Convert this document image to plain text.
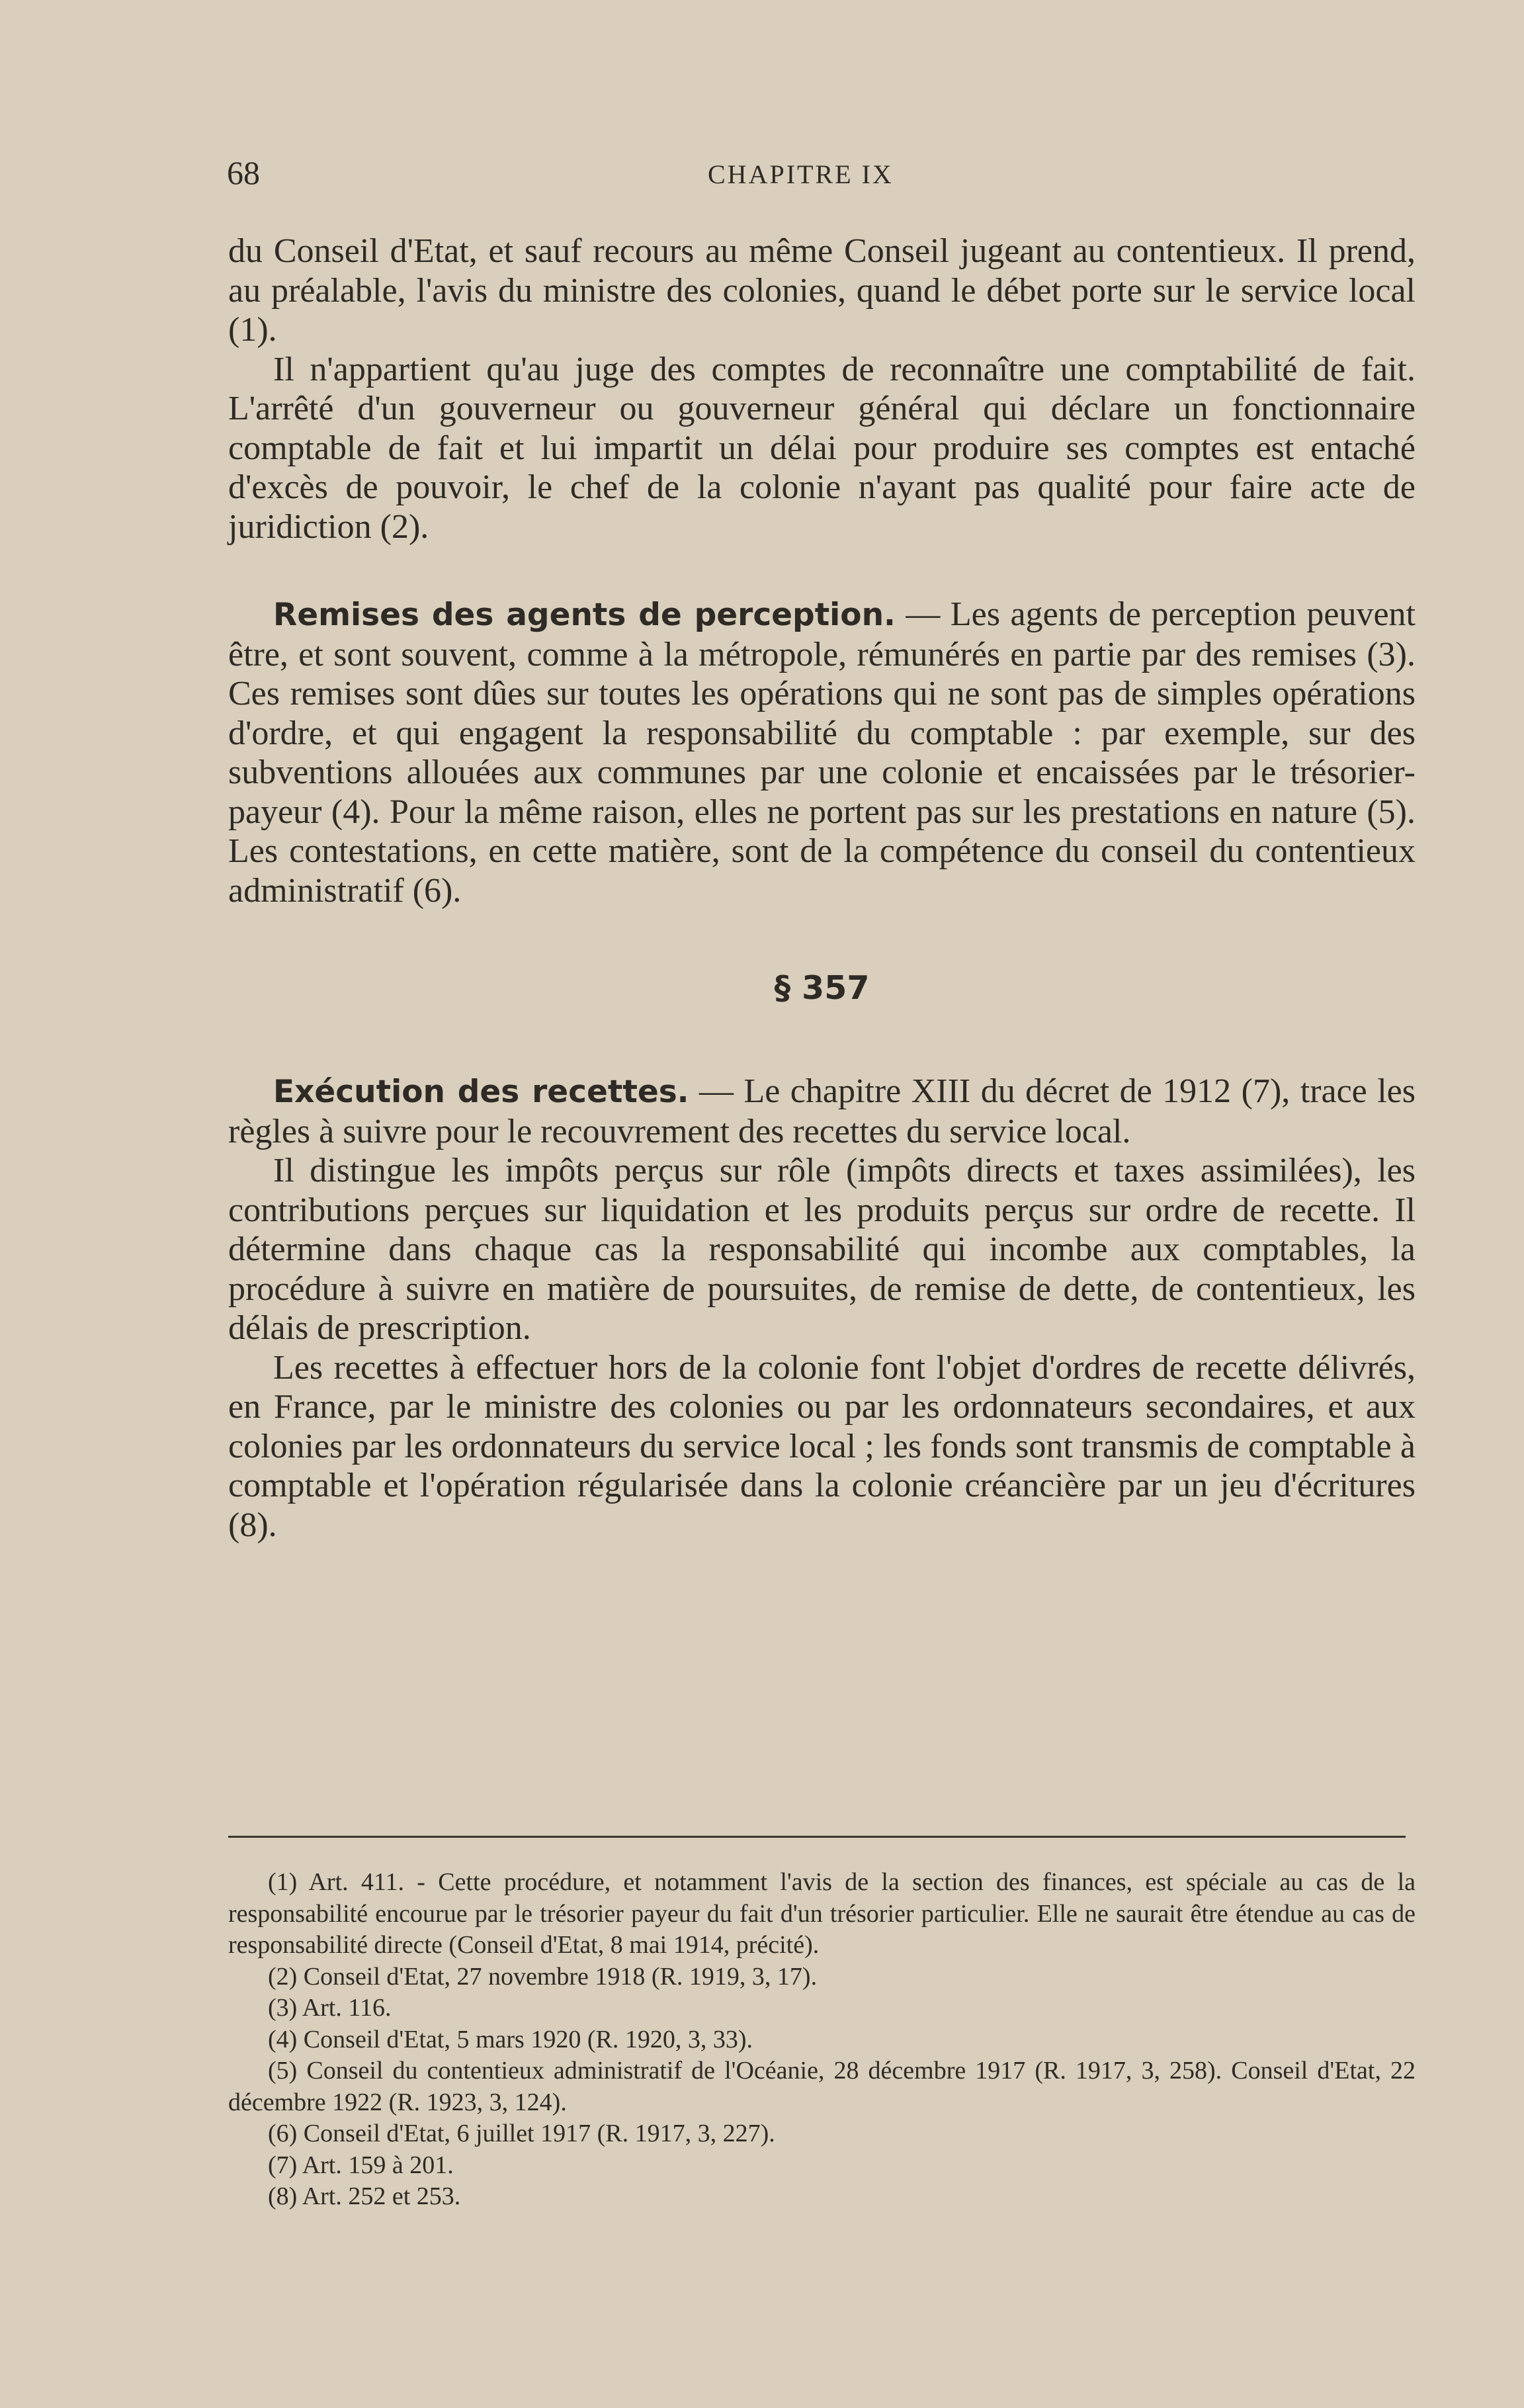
68	CHAPITRE IX

du Conseil d'Etat, et sauf recours au même Conseil jugeant au contentieux. Il prend, au préalable, l'avis du ministre des colonies, quand le débet porte sur le service local (1).

Il n'appartient qu'au juge des comptes de reconnaître une comptabilité de fait. L'arrêté d'un gouverneur ou gouverneur général qui déclare un fonctionnaire comptable de fait et lui impartit un délai pour produire ses comptes est entaché d'excès de pouvoir, le chef de la colonie n'ayant pas qualité pour faire acte de juridiction (2).

Remises des agents de perception. — Les agents de perception peuvent être, et sont souvent, comme à la métropole, rémunérés en partie par des remises (3). Ces remises sont dûes sur toutes les opérations qui ne sont pas de simples opérations d'ordre, et qui engagent la responsabilité du comptable : par exemple, sur des subventions allouées aux communes par une colonie et encaissées par le trésorier-payeur (4). Pour la même raison, elles ne portent pas sur les prestations en nature (5). Les contestations, en cette matière, sont de la compétence du conseil du contentieux administratif (6).

§ 357

Exécution des recettes. — Le chapitre XIII du décret de 1912 (7), trace les règles à suivre pour le recouvrement des recettes du service local.

Il distingue les impôts perçus sur rôle (impôts directs et taxes assimilées), les contributions perçues sur liquidation et les produits perçus sur ordre de recette. Il détermine dans chaque cas la responsabilité qui incombe aux comptables, la procédure à suivre en matière de poursuites, de remise de dette, de contentieux, les délais de prescription.

Les recettes à effectuer hors de la colonie font l'objet d'ordres de recette délivrés, en France, par le ministre des colonies ou par les ordonnateurs secondaires, et aux colonies par les ordonnateurs du service local ; les fonds sont transmis de comptable à comptable et l'opération régularisée dans la colonie créancière par un jeu d'écritures (8).

(1) Art. 411. - Cette procédure, et notamment l'avis de la section des finances, est spéciale au cas de la responsabilité encourue par le trésorier payeur du fait d'un trésorier particulier. Elle ne saurait être étendue au cas de responsabilité directe (Conseil d'Etat, 8 mai 1914, précité).

(2) Conseil d'Etat, 27 novembre 1918 (R. 1919, 3, 17).

(3) Art. 116.

(4) Conseil d'Etat, 5 mars 1920 (R. 1920, 3, 33).

(5) Conseil du contentieux administratif de l'Océanie, 28 décembre 1917 (R. 1917, 3, 258). Conseil d'Etat, 22 décembre 1922 (R. 1923, 3, 124).

(6) Conseil d'Etat, 6 juillet 1917 (R. 1917, 3, 227).

(7) Art. 159 à 201.

(8) Art. 252 et 253.
